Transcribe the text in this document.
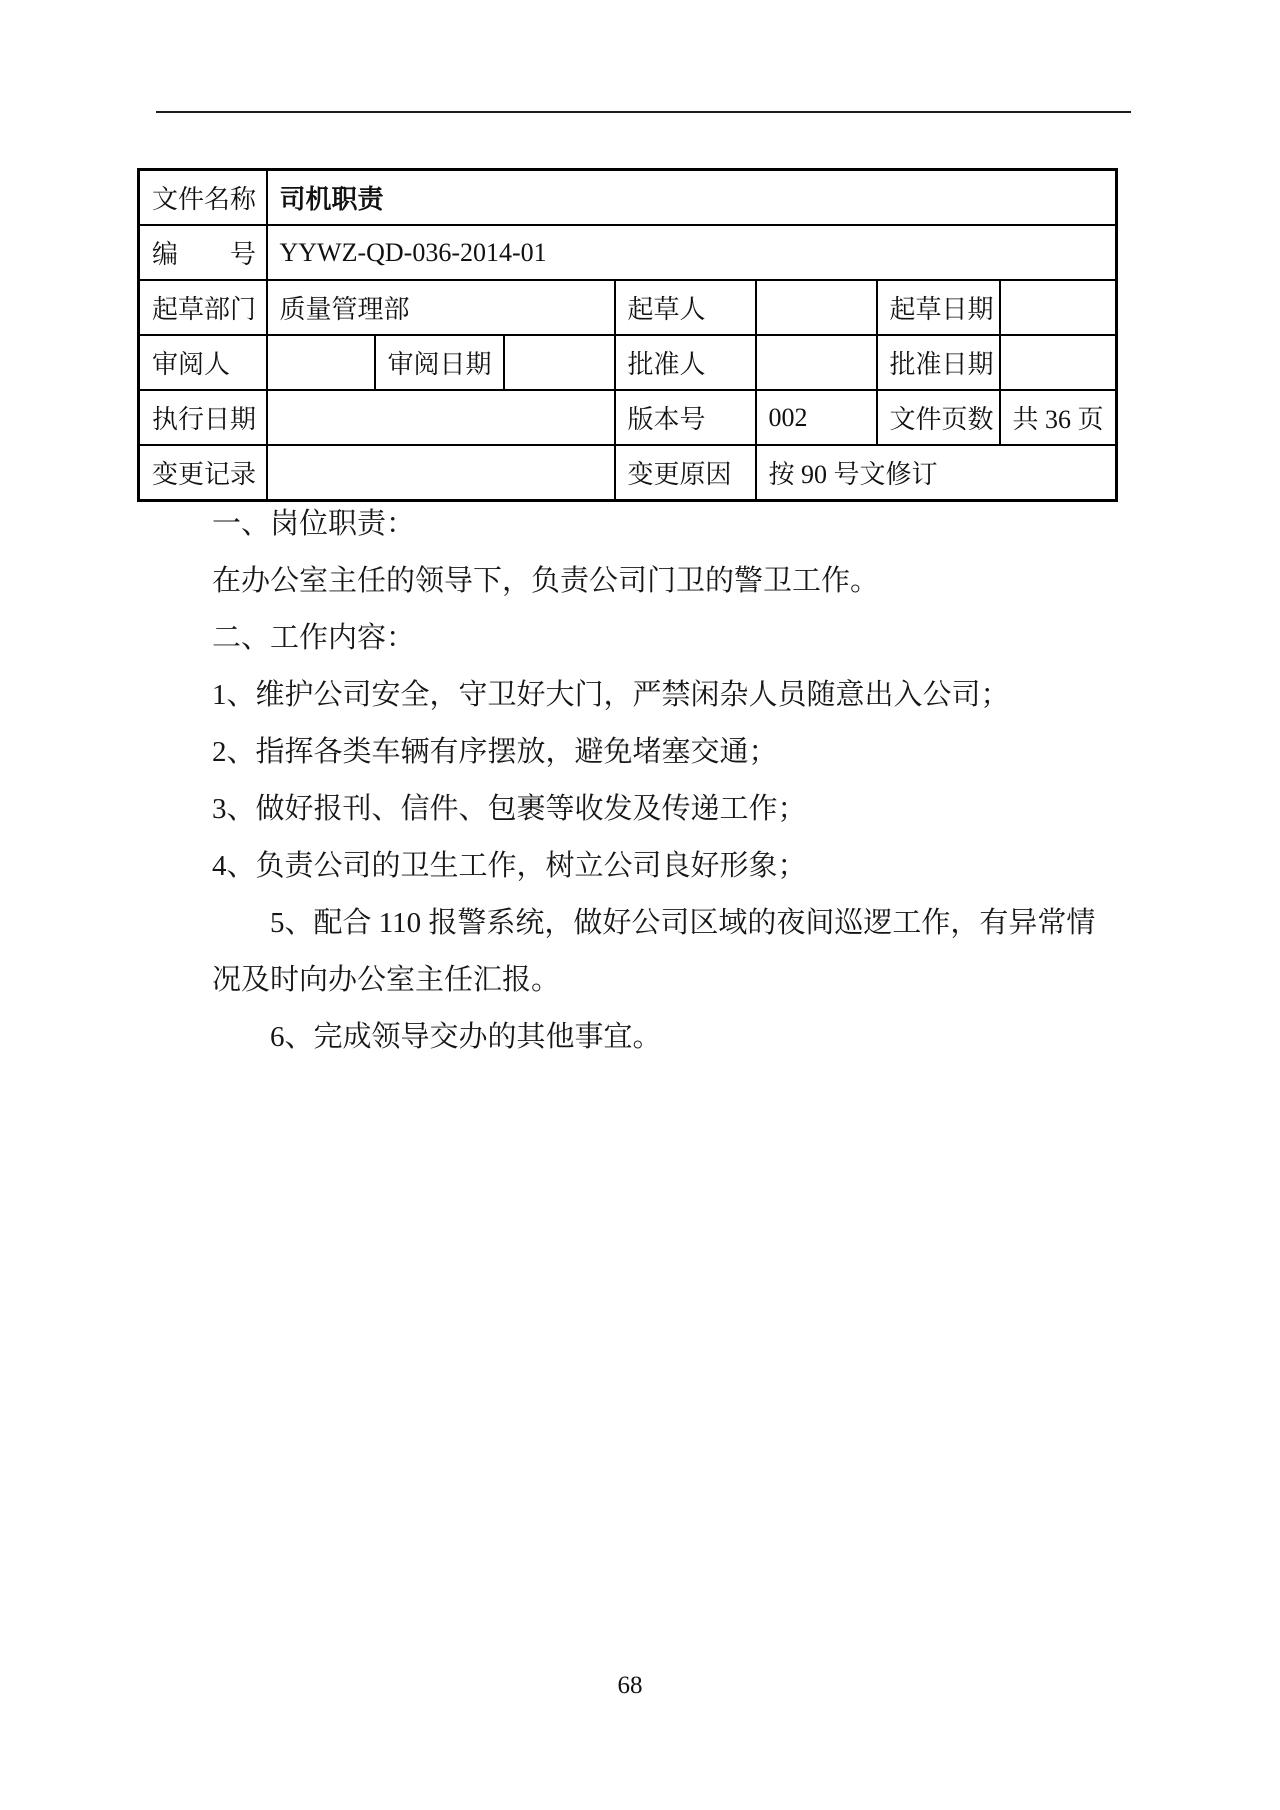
文件名称	司机职责						
编　　号	YYWZ-QD-036-2014-01						
起草部门	质量管理部			起草人		起草日期	
审阅人		审阅日期		批准人		批准日期	
执行日期				版本号	002	文件页数	共 36 页
变更记录				变更原因	按 90 号文修订		
一、岗位职责：
在办公室主任的领导下，负责公司门卫的警卫工作。
二、工作内容：
1、维护公司安全，守卫好大门，严禁闲杂人员随意出入公司；
2、指挥各类车辆有序摆放，避免堵塞交通；
3、做好报刊、信件、包裹等收发及传递工作；
4、负责公司的卫生工作，树立公司良好形象；
5、配合 110 报警系统，做好公司区域的夜间巡逻工作，有异常情
况及时向办公室主任汇报。
6、完成领导交办的其他事宜。
68
